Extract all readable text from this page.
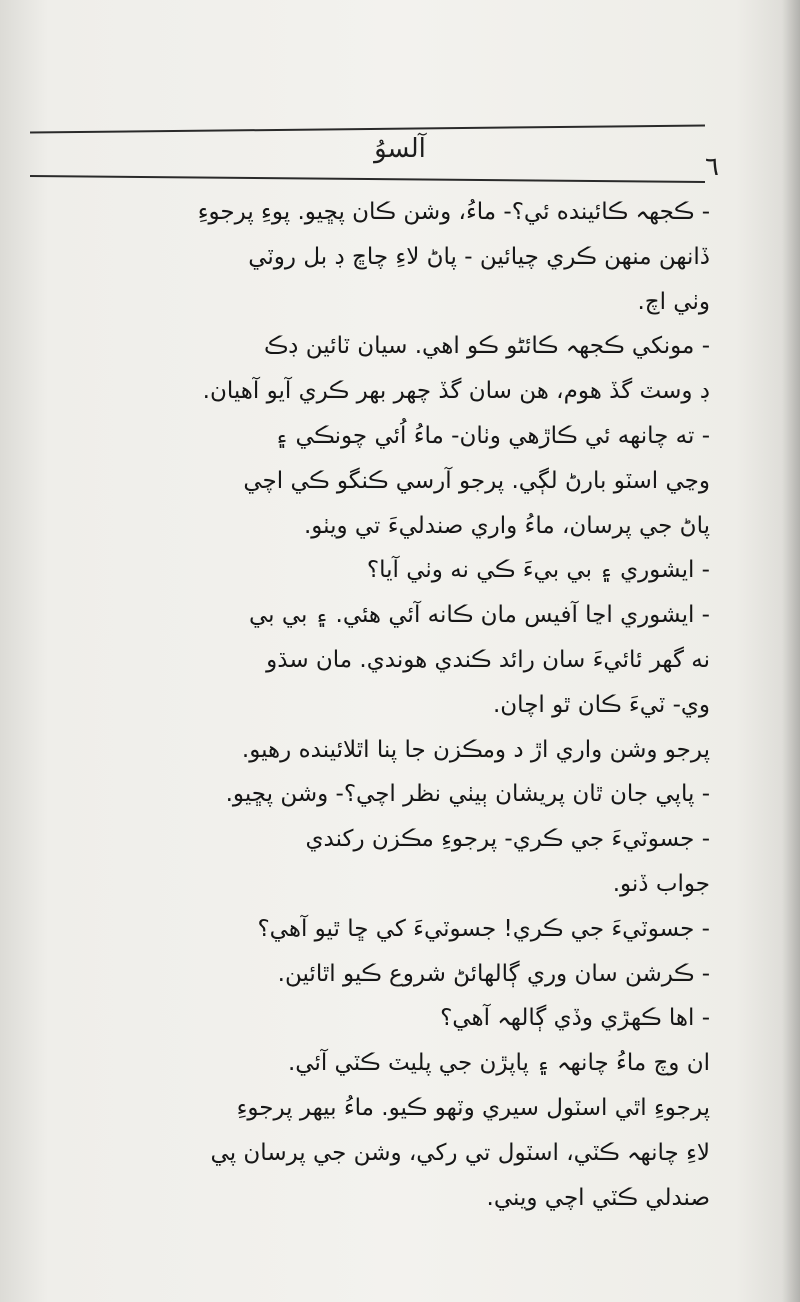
آلسوُ
٦
- ڪجهہ ڪائينده ئي؟- ماءُ، وشن ڪان پڇيو. پوءِ پرجوءِ
ڏانهن منهن ڪري چيائين - پاڻ لاءِ چاڇ ڊ بل روٽي
وٺي اچ.
- مونکي ڪجهہ ڪائڻو ڪو اهي. سيان ٽائين ڊڪ
ڊ وسٽ گڏ هوم، هن سان گڏ چهر بهر ڪري آيو آهيان.
- ته چانهه ئي ڪاڙهي وٺان- ماءُ اُئي چونڪي ۽
وڃي اسٽو بارڻ لڳي. پرجو آرسي ڪنگو ڪي اچي
پاڻ جي پرسان، ماءُ واري صندليءَ تي ويٺو.
- ايشوري ۽ بي بيءَ ڪي نه وٺي آيا؟
- ايشوري اڃا آفيس مان ڪانه آئي هئي. ۽ بي بي
نه گهر ئائيءَ سان رائد ڪندي هوندي. مان سڌو
وي- ٽيءَ ڪان ٿو اچان.
پرجو وشن واري اڙ د ومڪزن جا پنا اٿلائينده رهيو.
- پاپي جان ٿان پريشان ٻيٺي نظر اچي؟- وشن پڇيو.
- جسوٽيءَ جي ڪري- پرجوءِ مڪزن رکندي
جواب ڏنو.
- جسوٽيءَ جي ڪري! جسوٽيءَ کي ڇا ٿيو آهي؟
- ڪرشن سان وري ڳالهائڻ شروع ڪيو اٿائين.
- اها ڪهڙي وڏي ڳالهہ آهي؟
ان وچ ماءُ چانهہ ۽ پاپڙن جي پليٽ ڪٽي آئي.
پرجوءِ اٿي اسٽول سيري وٽهو ڪيو. ماءُ بيهر پرجوءِ
لاءِ چانهہ ڪٽي، اسٽول تي رکي، وشن جي پرسان پي
صندلي ڪٽي اچي ويني.
